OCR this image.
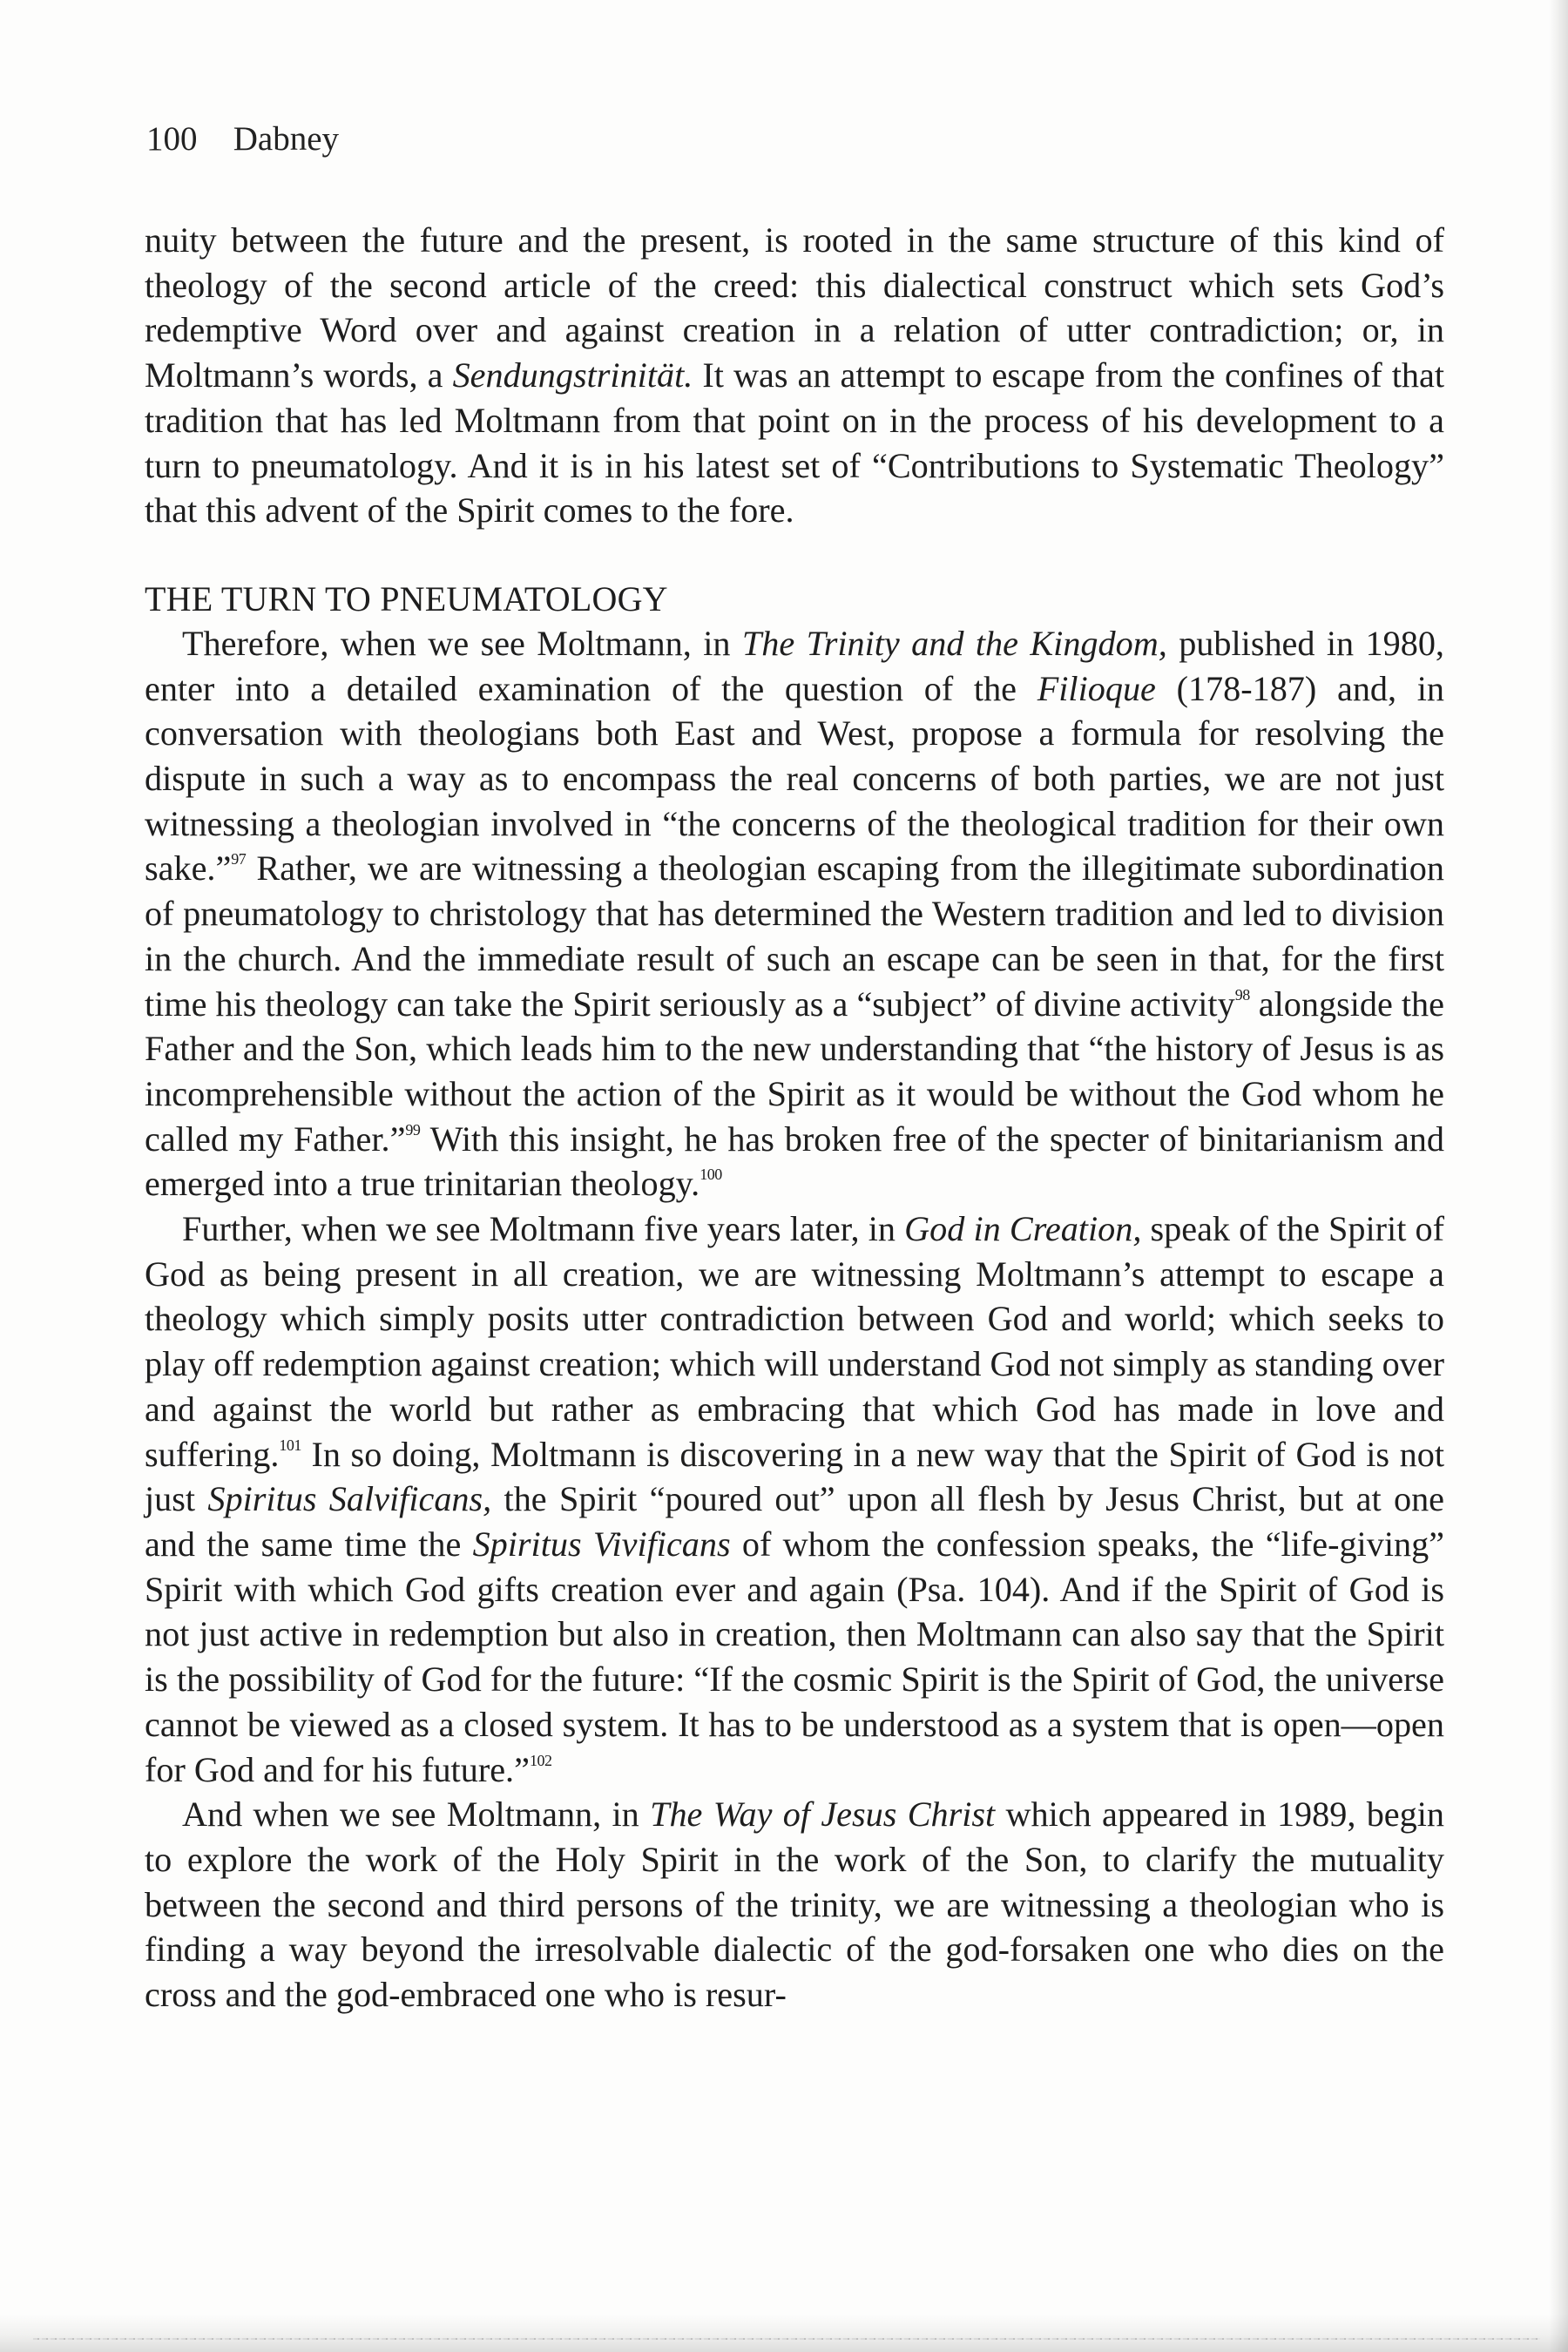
100 Dabney

nuity between the future and the present, is rooted in the same structure of this kind of theology of the second article of the creed: this dialectical construct which sets God’s redemptive Word over and against creation in a relation of utter contradiction; or, in Moltmann’s words, a Sendungstrinität. It was an attempt to escape from the confines of that tradition that has led Moltmann from that point on in the process of his development to a turn to pneumatology. And it is in his latest set of “Contributions to Systematic Theology” that this advent of the Spirit comes to the fore.

THE TURN TO PNEUMATOLOGY

Therefore, when we see Moltmann, in The Trinity and the Kingdom, published in 1980, enter into a detailed examination of the question of the Filioque (178-187) and, in conversation with theologians both East and West, propose a formula for resolving the dispute in such a way as to encompass the real concerns of both parties, we are not just witnessing a theologian involved in “the concerns of the theological tradition for their own sake.”$^{97}$ Rather, we are witnessing a theologian escaping from the illegitimate subordination of pneumatology to christology that has determined the Western tradition and led to division in the church. And the immediate result of such an escape can be seen in that, for the first time his theology can take the Spirit seriously as a “subject” of divine activity$^{98}$ alongside the Father and the Son, which leads him to the new understanding that “the history of Jesus is as incomprehensible without the action of the Spirit as it would be without the God whom he called my Father.”$^{99}$ With this insight, he has broken free of the specter of binitarianism and emerged into a true trinitarian theology.$^{100}$

Further, when we see Moltmann five years later, in God in Creation, speak of the Spirit of God as being present in all creation, we are witnessing Moltmann’s attempt to escape a theology which simply posits utter contradiction between God and world; which seeks to play off redemption against creation; which will understand God not simply as standing over and against the world but rather as embracing that which God has made in love and suffering.$^{101}$ In so doing, Moltmann is discovering in a new way that the Spirit of God is not just Spiritus Salvificans, the Spirit “poured out” upon all flesh by Jesus Christ, but at one and the same time the Spiritus Vivificans of whom the confession speaks, the “life-giving” Spirit with which God gifts creation ever and again (Psa. 104). And if the Spirit of God is not just active in redemption but also in creation, then Moltmann can also say that the Spirit is the possibility of God for the future: “If the cosmic Spirit is the Spirit of God, the universe cannot be viewed as a closed system. It has to be understood as a system that is open—open for God and for his future.”$^{102}$

And when we see Moltmann, in The Way of Jesus Christ which appeared in 1989, begin to explore the work of the Holy Spirit in the work of the Son, to clarify the mutuality between the second and third persons of the trinity, we are witnessing a theologian who is finding a way beyond the irresolvable dialectic of the god-forsaken one who dies on the cross and the god-embraced one who is resur-
